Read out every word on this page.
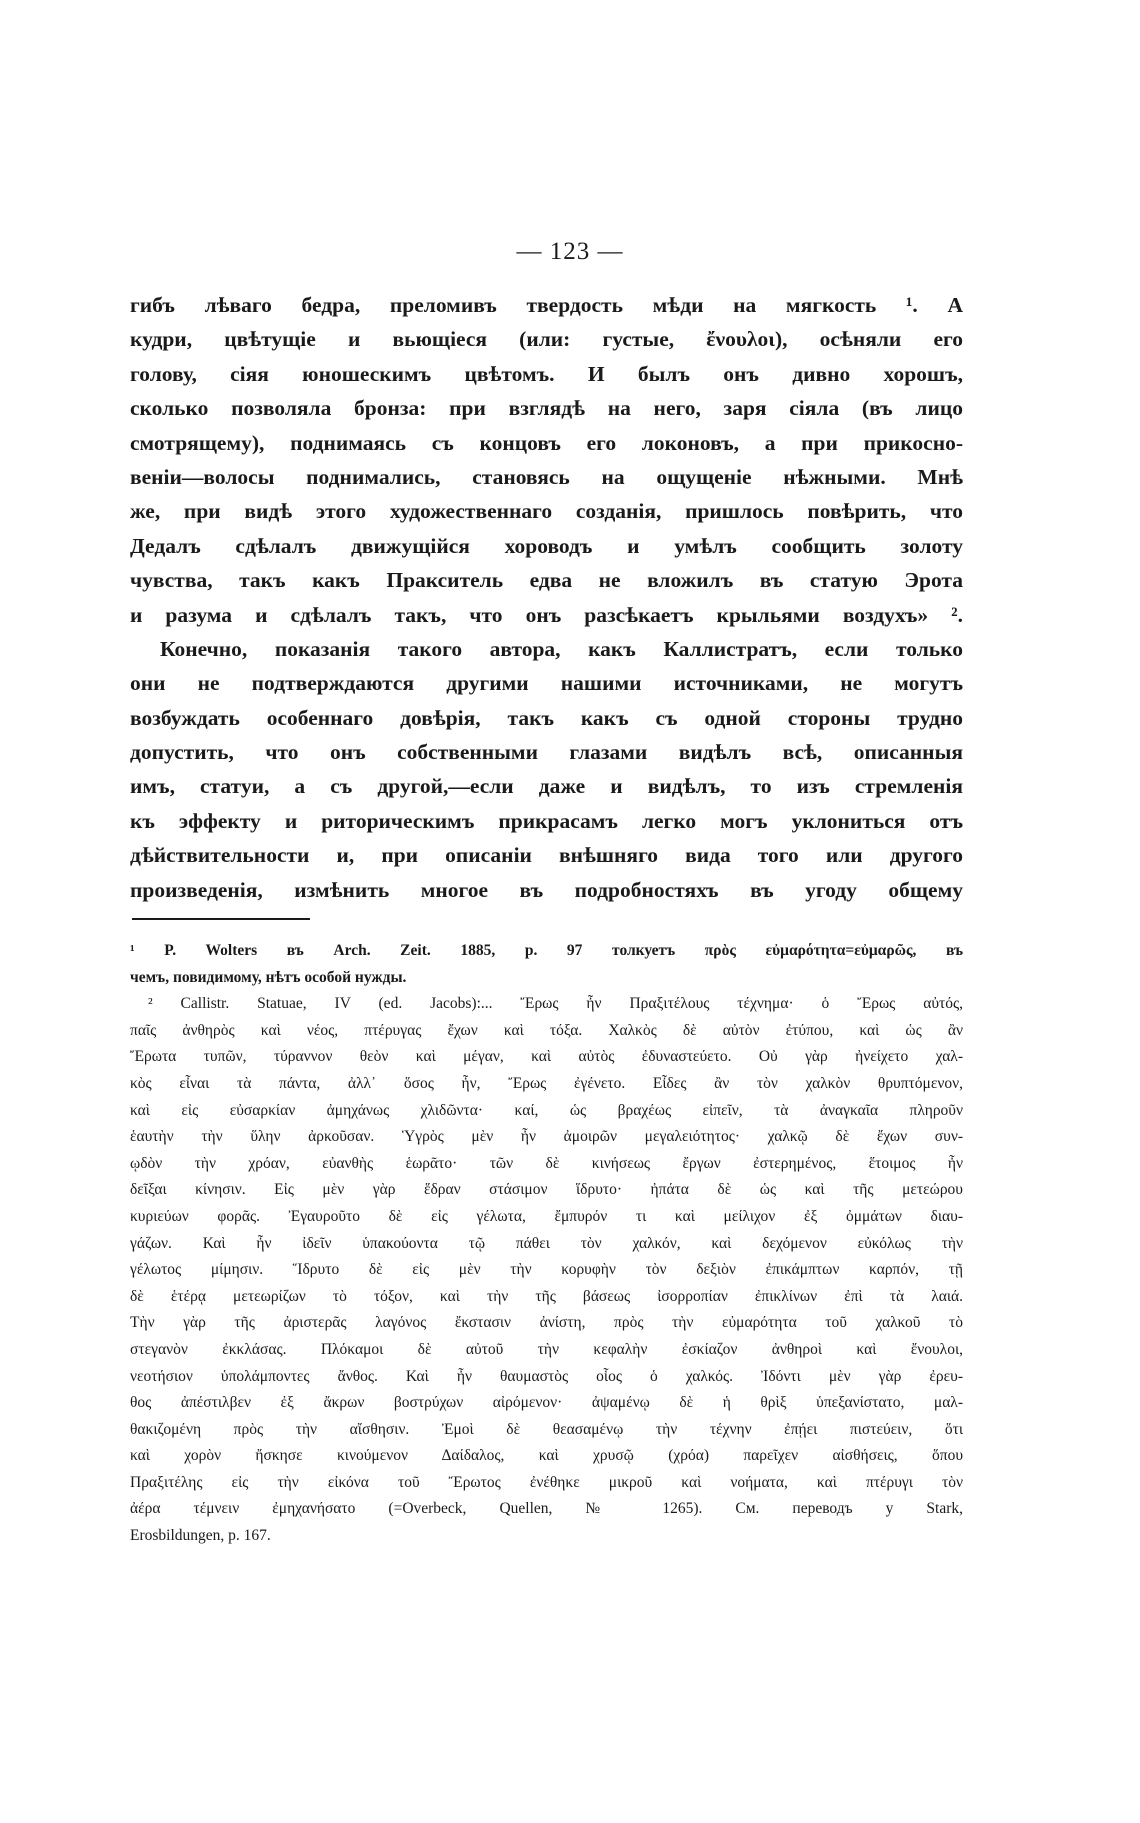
— 123 —
гибъ лѣваго бедра, преломивъ твердость мѣди на мягкость ¹. А
кудри, цвѣтущіе и вьющіеся (или: густые, ἔνουλοι), осѣняли его
голову, сіяя юношескимъ цвѣтомъ. И былъ онъ дивно хорошъ,
сколько позволяла бронза: при взглядѣ на него, заря сіяла (въ лицо
смотрящему), поднимаясь съ концовъ его локоновъ, а при прикосно-
веніи—волосы поднимались, становясь на ощущеніе нѣжными. Мнѣ
же, при видѣ этого художественнаго созданія, пришлось повѣрить, что
Дедалъ сдѣлалъ движущійся хороводъ и умѣлъ сообщить золоту
чувства, такъ какъ Пракситель едва не вложилъ въ статую Эрота
и разума и сдѣлалъ такъ, что онъ разсѣкаетъ крыльями воздухъ» ².
Конечно, показанія такого автора, какъ Каллистратъ, если только
они не подтверждаются другими нашими источниками, не могутъ
возбуждать особеннаго довѣрія, такъ какъ съ одной стороны трудно
допустить, что онъ собственными глазами видѣлъ всѣ, описанныя
имъ, статуи, а съ другой,—если даже и видѣлъ, то изъ стремленія
къ эффекту и риторическимъ прикрасамъ легко могъ уклониться отъ
дѣйствительности и, при описаніи внѣшняго вида того или другого
произведенія, измѣнить многое въ подробностяхъ въ угоду общему
¹ P. Wolters въ Arch. Zeit. 1885, p. 97 толкуетъ πρὸς εὐμαρότητα=εὐμαρῶς, въ
чемъ, повидимому, нѣтъ особой нужды.
² Callistr. Statuae, IV (ed. Jacobs):... Ἔρως ἦν Πραξιτέλους τέχνημα· ὁ Ἔρως αὐτός,
παῖς ἀνθηρὸς καὶ νέος, πτέρυγας ἔχων καὶ τόξα. Χαλκὸς δὲ αὐτὸν ἐτύπου, καὶ ὡς ἂν
Ἔρωτα τυπῶν, τύραννον θεὸν καὶ μέγαν, καὶ αὐτὸς ἐδυναστεύετο. Οὐ γὰρ ἠνείχετο χαλ-
κὸς εἶναι τὰ πάντα, ἀλλ᾽ ὅσος ἦν, Ἔρως ἐγένετο. Εἶδες ἂν τὸν χαλκὸν θρυπτόμενον,
καὶ εἰς εὐσαρκίαν ἀμηχάνως χλιδῶντα· καί, ὡς βραχέως εἰπεῖν, τὰ ἀναγκαῖα πληροῦν
ἑαυτὴν τὴν ὕλην ἀρκοῦσαν. Ὑγρὸς μὲν ἦν ἀμοιρῶν μεγαλειότητος· χαλκῷ δὲ ἔχων συν-
ῳδὸν τὴν χρόαν, εὐανθὴς ἑωρᾶτο· τῶν δὲ κινήσεως ἔργων ἐστερημένος, ἕτοιμος ἦν
δεῖξαι κίνησιν. Εἰς μὲν γὰρ ἕδραν στάσιμον ἵδρυτο· ἠπάτα δὲ ὡς καὶ τῆς μετεώρου
κυριεύων φορᾶς. Ἐγαυροῦτο δὲ εἰς γέλωτα, ἔμπυρόν τι καὶ μείλιχον ἐξ ὀμμάτων διαυ-
γάζων. Καὶ ἦν ἰδεῖν ὑπακούοντα τῷ πάθει τὸν χαλκόν, καὶ δεχόμενον εὐκόλως τὴν
γέλωτος μίμησιν. Ἵδρυτο δὲ εἰς μὲν τὴν κορυφὴν τὸν δεξιὸν ἐπικάμπτων καρπόν, τῇ
δὲ ἑτέρᾳ μετεωρίζων τὸ τόξον, καὶ τὴν τῆς βάσεως ἰσορροπίαν ἐπικλίνων ἐπὶ τὰ λαιά.
Τὴν γὰρ τῆς ἀριστερᾶς λαγόνος ἔκστασιν ἀνίστη, πρὸς τὴν εὐμαρότητα τοῦ χαλκοῦ τὸ
στεγανὸν ἐκκλάσας. Πλόκαμοι δὲ αὐτοῦ τὴν κεφαλὴν ἐσκίαζον ἀνθηροὶ καὶ ἔνουλοι,
νεοτήσιον ὑπολάμποντες ἄνθος. Καὶ ἦν θαυμαστὸς οἷος ὁ χαλκός. Ἰδόντι μὲν γὰρ ἐρευ-
θος ἀπέστιλβεν ἐξ ἄκρων βοστρύχων αἰρόμενον· ἀψαμένῳ δὲ ἡ θρὶξ ὑπεξανίστατο, μαλ-
θακιζομένη πρὸς τὴν αἴσθησιν. Ἐμοὶ δὲ θεασαμένῳ τὴν τέχνην ἐπῄει πιστεύειν, ὅτι
καὶ χορὸν ἤσκησε κινούμενον Δαίδαλος, καὶ χρυσῷ (χρόα) παρεῖχεν αἰσθήσεις, ὅπου
Πραξιτέλης εἰς τὴν εἰκόνα τοῦ Ἔρωτος ἐνέθηκε μικροῦ καὶ νοήματα, καὶ πτέρυγι τὸν
ἀέρα τέμνειν ἐμηχανήσατο (=Overbeck, Quellen, № 1265). См. переводъ у Stark,
Erosbildungen, p. 167.
